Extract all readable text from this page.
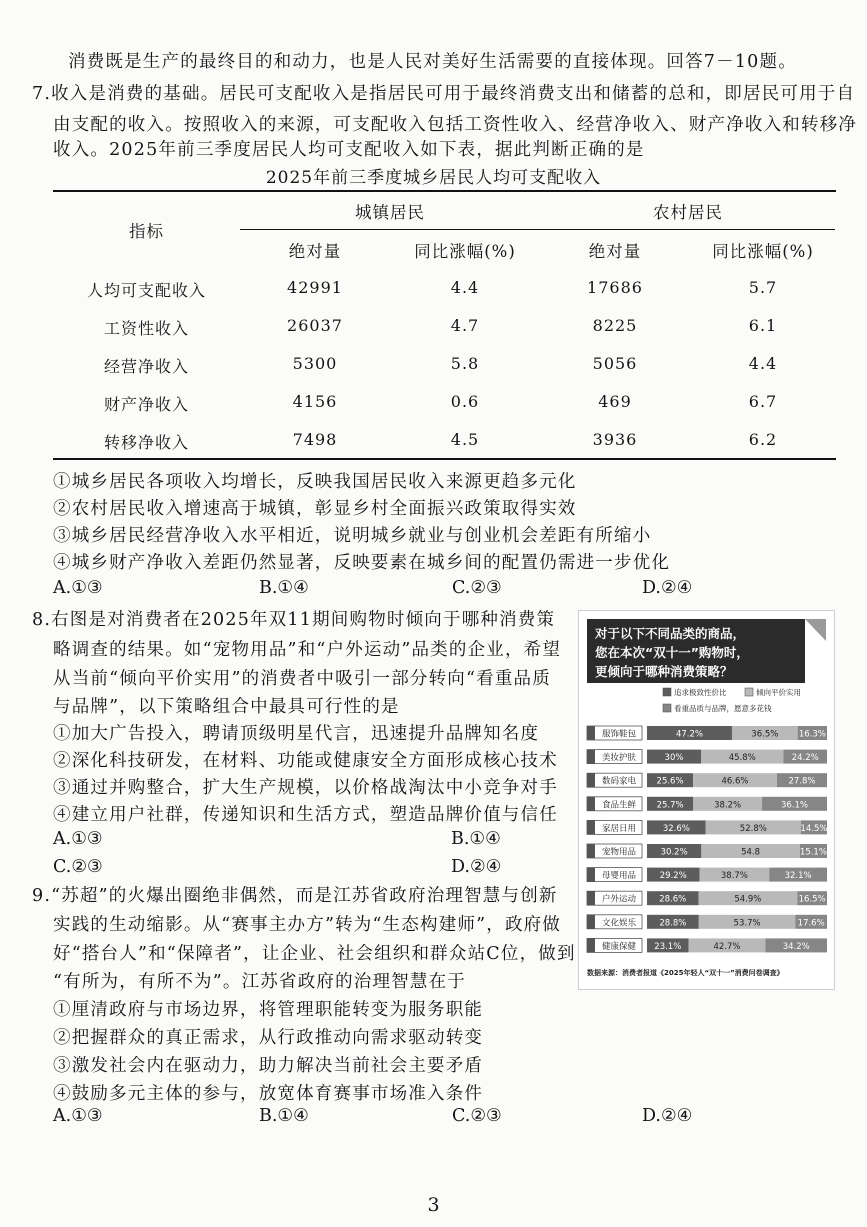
消费既是生产的最终目的和动力，也是人民对美好生活需要的直接体现。回答7－10题。
7.收入是消费的基础。居民可支配收入是指居民可用于最终消费支出和储蓄的总和，即居民可用于自
由支配的收入。按照收入的来源，可支配收入包括工资性收入、经营净收入、财产净收入和转移净
收入。2025年前三季度居民人均可支配收入如下表，据此判断正确的是
2025年前三季度城乡居民人均可支配收入
指标
城镇居民	农村居民
绝对量	同比涨幅(%)	绝对量	同比涨幅(%)
人均可支配收入	42991	4.4	17686	5.7
工资性收入	26037	4.7	8225	6.1
经营净收入	5300	5.8	5056	4.4
财产净收入	4156	0.6	469	6.7
转移净收入	7498	4.5	3936	6.2
①城乡居民各项收入均增长，反映我国居民收入来源更趋多元化
②农村居民收入增速高于城镇，彰显乡村全面振兴政策取得实效
③城乡居民经营净收入水平相近，说明城乡就业与创业机会差距有所缩小
④城乡财产净收入差距仍然显著，反映要素在城乡间的配置仍需进一步优化
A.①③	B.①④	C.②③	D.②④
8.右图是对消费者在2025年双11期间购物时倾向于哪种消费策
略调查的结果。如“宠物用品”和“户外运动”品类的企业，希望
从当前“倾向平价实用”的消费者中吸引一部分转向“看重品质
与品牌”，以下策略组合中最具可行性的是
①加大广告投入，聘请顶级明星代言，迅速提升品牌知名度
②深化科技研发，在材料、功能或健康安全方面形成核心技术
③通过并购整合，扩大生产规模，以价格战淘汰中小竞争对手
④建立用户社群，传递知识和生活方式，塑造品牌价值与信任
A.①③	B.①④
C.②③	D.②④
9.“苏超”的火爆出圈绝非偶然，而是江苏省政府治理智慧与创新
实践的生动缩影。从“赛事主办方”转为“生态构建师”，政府做
好“搭台人”和“保障者”，让企业、社会组织和群众站C位，做到
“有所为，有所不为”。江苏省政府的治理智慧在于
①厘清政府与市场边界，将管理职能转变为服务职能
②把握群众的真正需求，从行政推动向需求驱动转变
③激发社会内在驱动力，助力解决当前社会主要矛盾
④鼓励多元主体的参与，放宽体育赛事市场准入条件
A.①③	B.①④	C.②③	D.②④
对于以下不同品类的商品，
您在本次“双十一”购物时，
更倾向于哪种消费策略？
追求极致性价比	倾向平价实用
看重品质与品牌，愿意多花钱
服饰鞋包	47.2%	36.5% 16.3%
美妆护肤	30%	45.8%	24.2%
数码家电 25.6%	46.6%	27.8%
食品生鲜 25.7%	38.2%	36.1%
家居日用	32.6%	52.8%	14.5%
宠物用品	30.2%	54.8	15.1%
母婴用品	29.2%	38.7%	32.1%
户外运动	28.6%	54.9%	16.5%
文化娱乐	28.8%	53.7%	17.6%
健康保健 23.1%	42.7%	34.2%
数据来源：消费者报道《2025年轻人“双十一”消费问卷调查》
3
